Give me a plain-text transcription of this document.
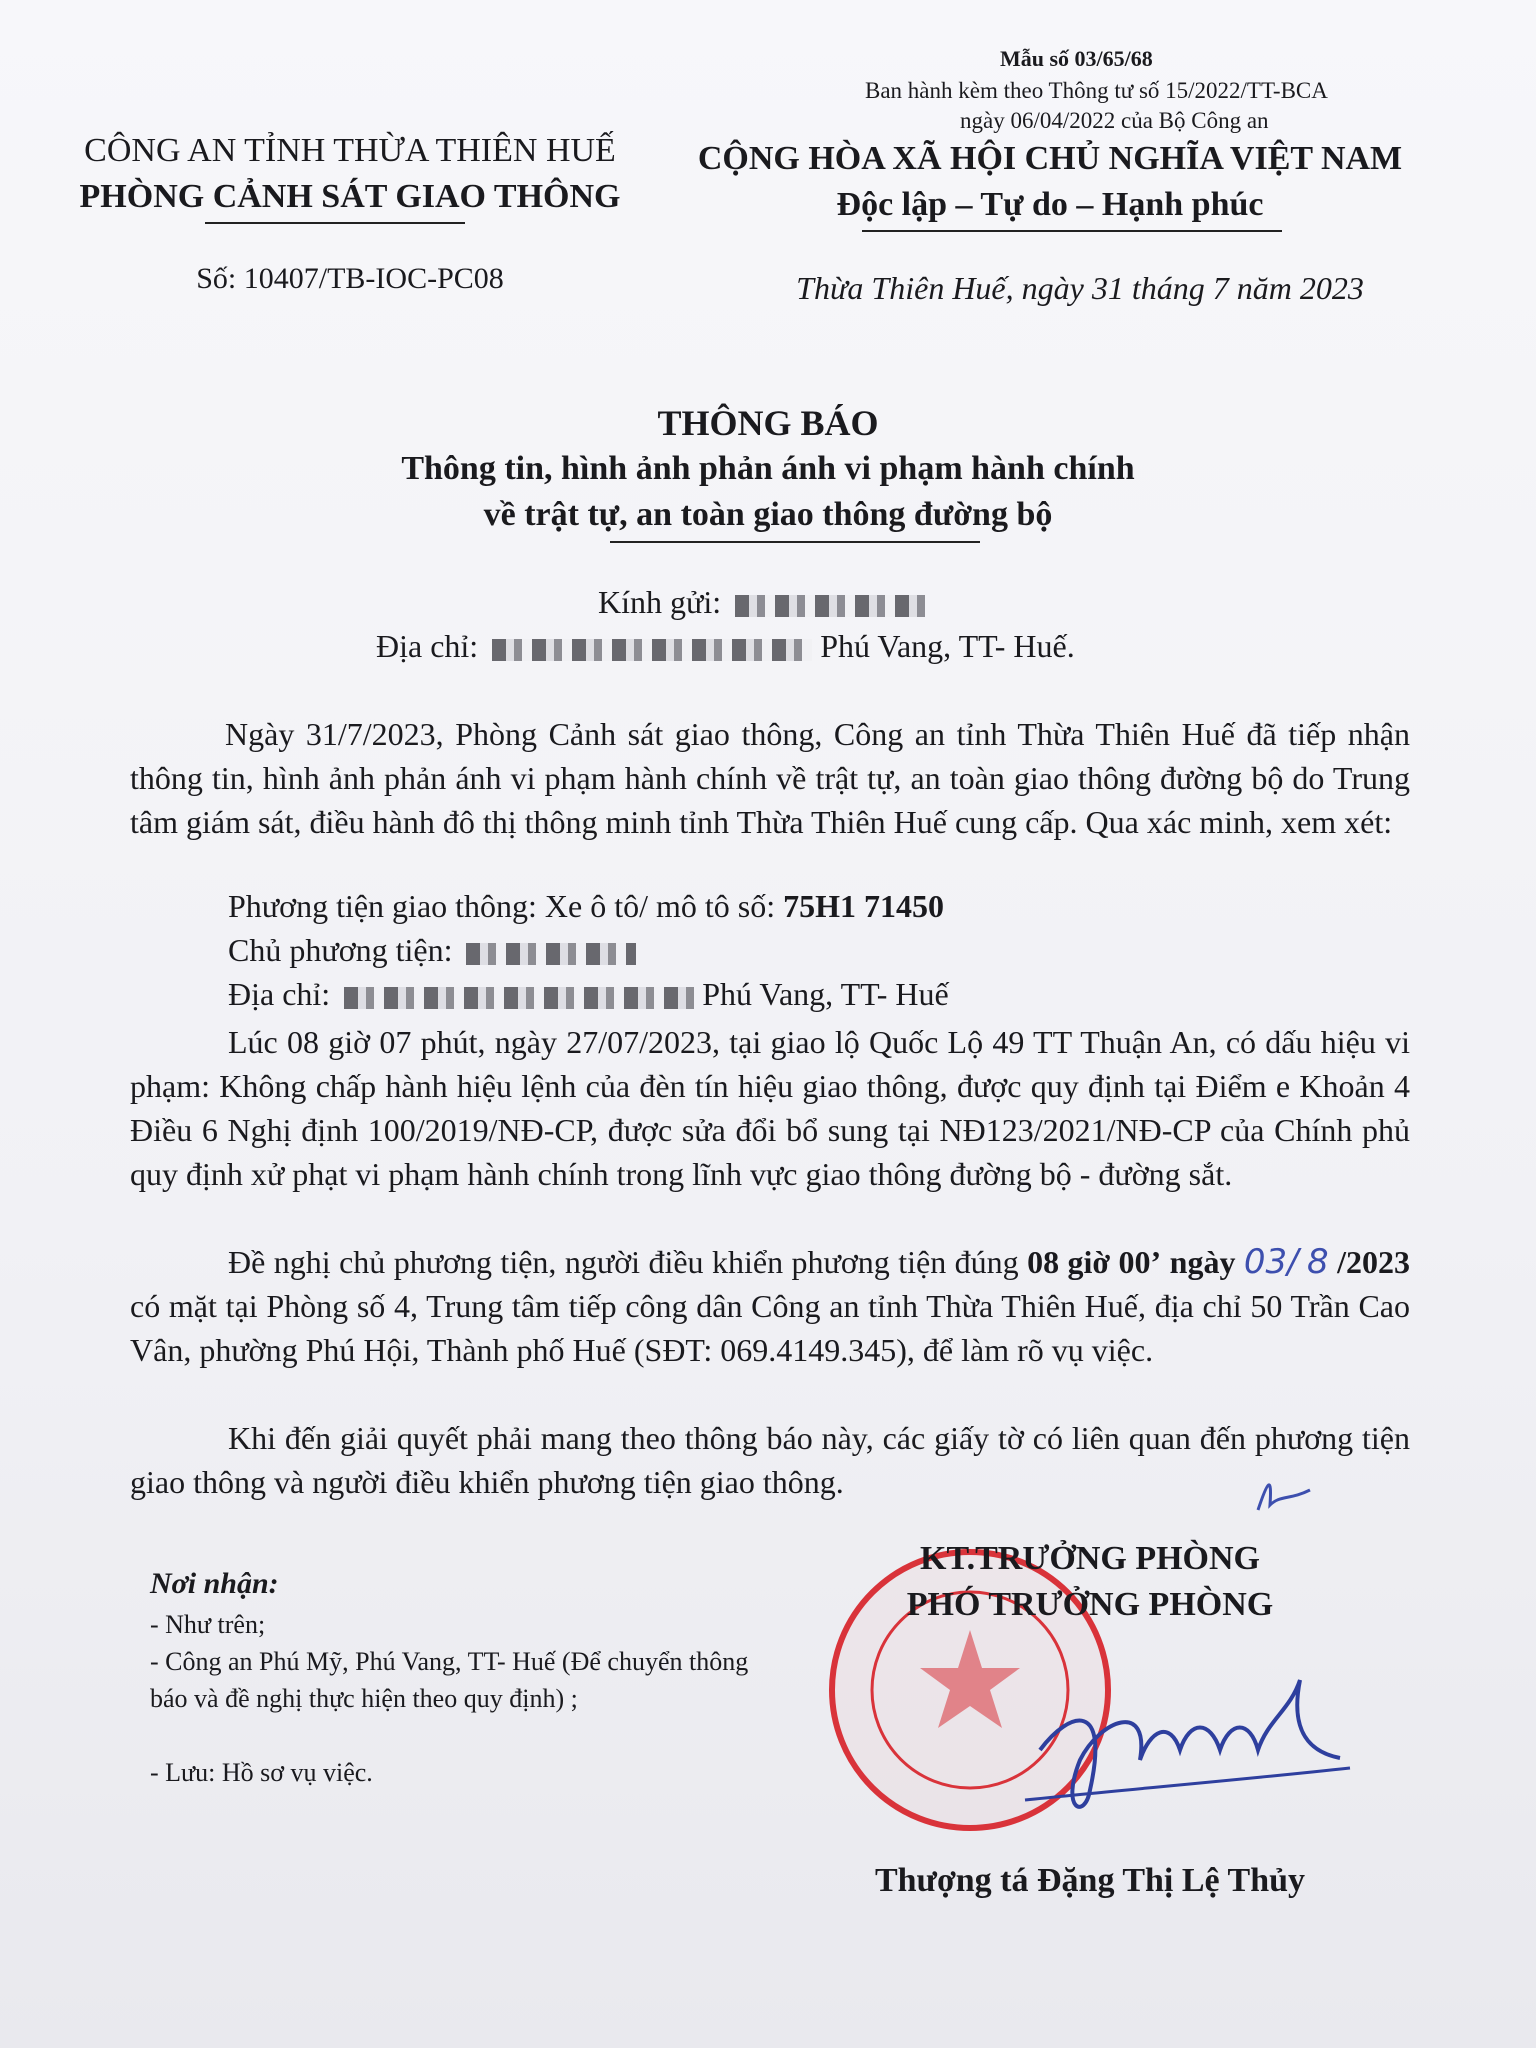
Mẫu số 03/65/68
Ban hành kèm theo Thông tư số 15/2022/TT-BCA
ngày 06/04/2022 của Bộ Công an
CÔNG AN TỈNH THỪA THIÊN HUẾ
PHÒNG CẢNH SÁT GIAO THÔNG
Số: 10407/TB-IOC-PC08
CỘNG HÒA XÃ HỘI CHỦ NGHĨA VIỆT NAM
Độc lập – Tự do – Hạnh phúc
Thừa Thiên Huế, ngày 31 tháng 7 năm 2023
THÔNG BÁO
Thông tin, hình ảnh phản ánh vi phạm hành chính
về trật tự, an toàn giao thông đường bộ
Kính gửi:
Địa chỉ:	Phú Vang, TT- Huế.
Ngày 31/7/2023, Phòng Cảnh sát giao thông, Công an tỉnh Thừa Thiên Huế đã tiếp nhận thông tin, hình ảnh phản ánh vi phạm hành chính về trật tự, an toàn giao thông đường bộ do Trung tâm giám sát, điều hành đô thị thông minh tỉnh Thừa Thiên Huế cung cấp. Qua xác minh, xem xét:
Phương tiện giao thông: Xe ô tô/ mô tô số: 75H1 71450
Chủ phương tiện:
Địa chỉ:	Phú Vang, TT- Huế
Lúc 08 giờ 07 phút, ngày 27/07/2023, tại giao lộ Quốc Lộ 49 TT Thuận An, có dấu hiệu vi phạm: Không chấp hành hiệu lệnh của đèn tín hiệu giao thông, được quy định tại Điểm e Khoản 4 Điều 6 Nghị định 100/2019/NĐ-CP, được sửa đổi bổ sung tại NĐ123/2021/NĐ-CP của Chính phủ quy định xử phạt vi phạm hành chính trong lĩnh vực giao thông đường bộ - đường sắt.
Đề nghị chủ phương tiện, người điều khiển phương tiện đúng 08 giờ 00’ ngày 03/ 8 /2023 có mặt tại Phòng số 4, Trung tâm tiếp công dân Công an tỉnh Thừa Thiên Huế, địa chỉ 50 Trần Cao Vân, phường Phú Hội, Thành phố Huế (SĐT: 069.4149.345), để làm rõ vụ việc.
Khi đến giải quyết phải mang theo thông báo này, các giấy tờ có liên quan đến phương tiện giao thông và người điều khiển phương tiện giao thông.
Nơi nhận:
- Như trên;
- Công an Phú Mỹ, Phú Vang, TT- Huế (Để chuyển thông báo và đề nghị thực hiện theo quy định) ;
- Lưu: Hồ sơ vụ việc.
KT.TRƯỞNG PHÒNG
PHÓ TRƯỞNG PHÒNG
Thượng tá Đặng Thị Lệ Thủy
